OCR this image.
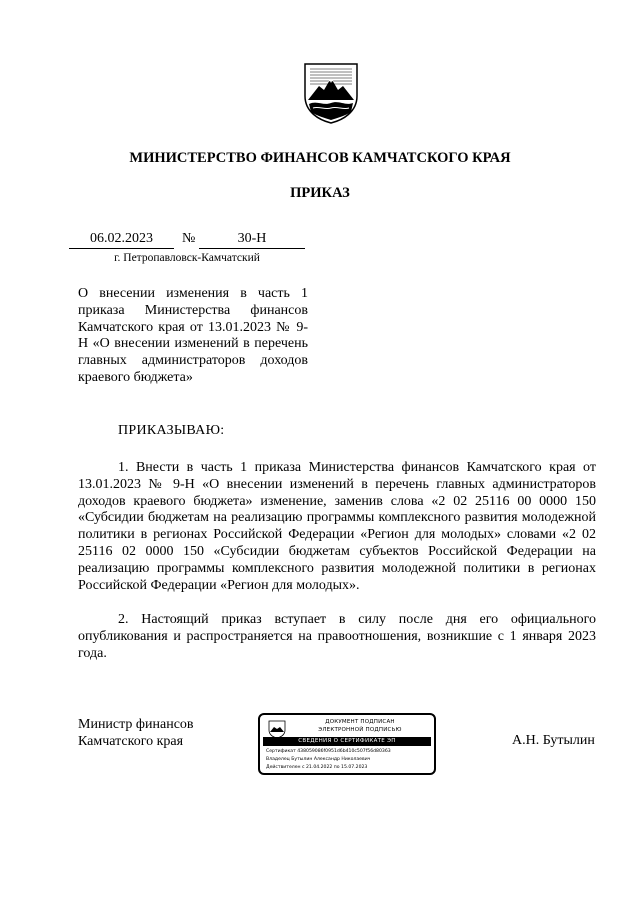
МИНИСТЕРСТВО ФИНАНСОВ КАМЧАТСКОГО КРАЯ
ПРИКАЗ
06.02.2023	№	30-Н
г. Петропавловск-Камчатский
О внесении изменения в часть 1 приказа Министерства финансов Камчатского края от 13.01.2023 № 9-Н «О внесении изменений в перечень главных администраторов доходов краевого бюджета»
ПРИКАЗЫВАЮ:

1. Внести в часть 1 приказа Министерства финансов Камчатского края от 13.01.2023 № 9-Н «О внесении изменений в перечень главных администраторов доходов краевого бюджета» изменение, заменив слова «2 02 25116 00 0000 150 «Субсидии бюджетам на реализацию программы комплексного развития молодежной политики в регионах Российской Федерации «Регион для молодых» словами «2 02 25116 02 0000 150 «Субсидии бюджетам субъектов Российской Федерации на реализацию программы комплексного развития молодежной политики в регионах Российской Федерации «Регион для молодых».

2. Настоящий приказ вступает в силу после дня его официального опубликования и распространяется на правоотношения, возникшие с 1 января 2023 года.

Министр финансов
Камчатского края
ДОКУМЕНТ ПОДПИСАН
ЭЛЕКТРОННОЙ ПОДПИСЬЮ
СВЕДЕНИЯ О СЕРТИФИКАТЕ ЭП
Сертификат 438059086f0951d6b410c507f56d80363
Владелец Бутылин Александр Николаевич
Действителен с 21.04.2022 по 15.07.2023
А.Н. Бутылин
